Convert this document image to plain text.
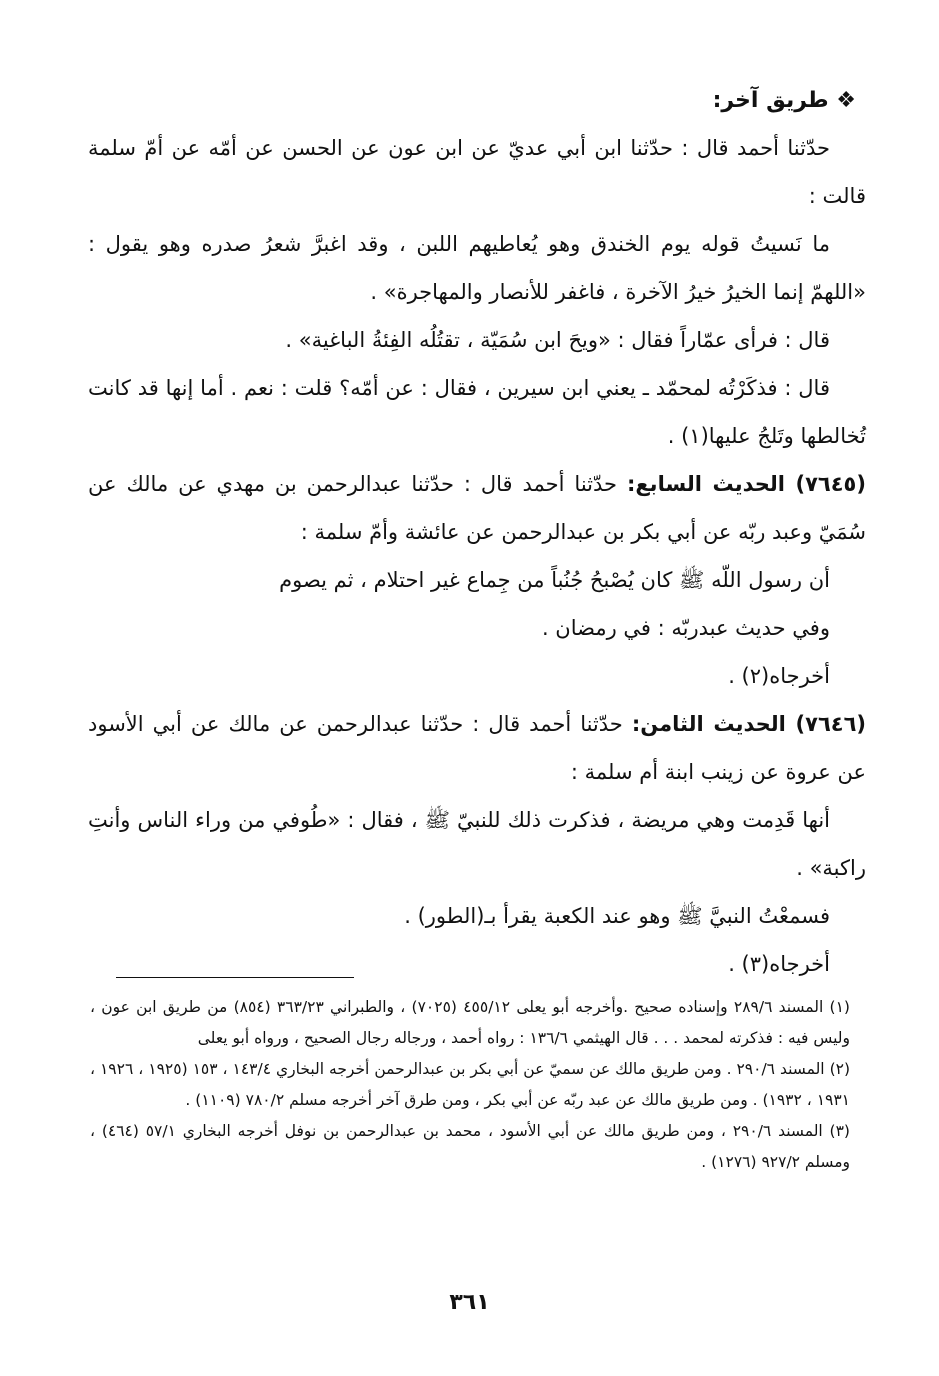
❖ طريق آخر:

حدّثنا أحمد قال : حدّثنا ابن أبي عديّ عن ابن عون عن الحسن عن أمّه عن أمّ سلمة قالت :

ما نَسيتُ قوله يوم الخندق وهو يُعاطيهم اللبن ، وقد اغبرَّ شعرُ صدره وهو يقول : «اللهمّ إنما الخيرُ خيرُ الآخرة ، فاغفر للأنصار والمهاجرة» .

قال : فرأى عمّاراً فقال : «ويحَ ابن سُمَيّة ، تقتُلُه الفِئةُ الباغية» .

قال : فذكَرْتُه لمحمّد ـ يعني ابن سيرين ، فقال : عن أمّه؟ قلت : نعم . أما إنها قد كانت تُخالطها وتَلجُ عليها(١) .

(٧٦٤٥) الحديث السابع: حدّثنا أحمد قال : حدّثنا عبدالرحمن بن مهدي عن مالك عن سُمَيّ وعبد ربّه عن أبي بكر بن عبدالرحمن عن عائشة وأمّ سلمة :

أن رسول اللّه ﷺ كان يُصْبحُ جُنُباً من جِماع غير احتلام ، ثم يصوم

وفي حديث عبدربّه : في رمضان .

أخرجاه(٢) .

(٧٦٤٦) الحديث الثامن: حدّثنا أحمد قال : حدّثنا عبدالرحمن عن مالك عن أبي الأسود عن عروة عن زينب ابنة أم سلمة :

أنها قَدِمت وهي مريضة ، فذكرت ذلك للنبيّ ﷺ ، فقال : «طُوفي من وراء الناس وأنتِ راكبة» .

فسمعْتُ النبيَّ ﷺ وهو عند الكعبة يقرأ بـ(الطور) .

أخرجاه(٣) .

(١) المسند ٢٨٩/٦ وإسناده صحيح .وأخرجه أبو يعلى ٤٥٥/١٢ (٧٠٢٥) ، والطبراني ٣٦٣/٢٣ (٨٥٤) من طريق ابن عون ، وليس فيه : فذكرته لمحمد . . . قال الهيثمي ١٣٦/٦ : رواه أحمد ، ورجاله رجال الصحيح ، ورواه أبو يعلى

(٢) المسند ٢٩٠/٦ . ومن طريق مالك عن سميّ عن أبي بكر بن عبدالرحمن أخرجه البخاري ١٤٣/٤ ، ١٥٣ (١٩٢٥ ، ١٩٢٦ ، ١٩٣١ ، ١٩٣٢) . ومن طريق مالك عن عبد ربّه عن أبي بكر ، ومن طرق آخر أخرجه مسلم ٧٨٠/٢ (١١٠٩) .

(٣) المسند ٢٩٠/٦ ، ومن طريق مالك عن أبي الأسود ، محمد بن عبدالرحمن بن نوفل أخرجه البخاري ٥٧/١ (٤٦٤) ، ومسلم ٩٢٧/٢ (١٢٧٦) .

٣٦١
